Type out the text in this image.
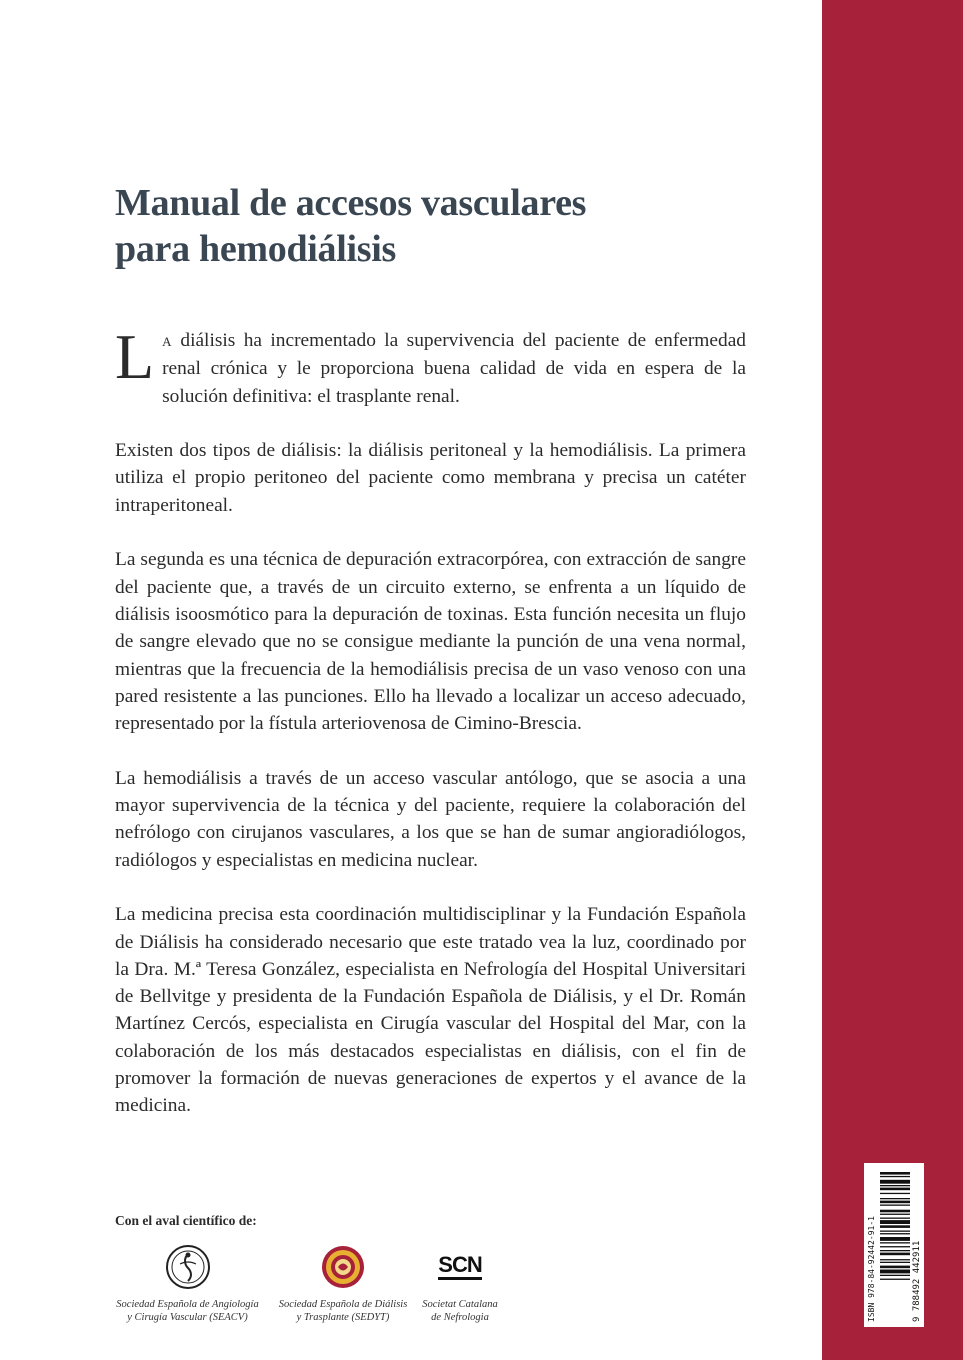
Manual de accesos vasculares
para hemodiálisis

L A diálisis ha incrementado la supervivencia del paciente de enfermedad renal crónica y le proporciona buena calidad de vida en espera de la solución definitiva: el trasplante renal.

Existen dos tipos de diálisis: la diálisis peritoneal y la hemodiálisis. La primera utiliza el propio peritoneo del paciente como membrana y precisa un catéter intraperitoneal.

La segunda es una técnica de depuración extracorpórea, con extracción de sangre del paciente que, a través de un circuito externo, se enfrenta a un líquido de diálisis isoosmótico para la depuración de toxinas. Esta función necesita un flujo de sangre elevado que no se consigue mediante la punción de una vena normal, mientras que la frecuencia de la hemodiálisis precisa de un vaso venoso con una pared resistente a las punciones. Ello ha llevado a localizar un acceso adecuado, representado por la fístula arteriovenosa de Cimino-Brescia.

La hemodiálisis a través de un acceso vascular antólogo, que se asocia a una mayor supervivencia de la técnica y del paciente, requiere la colaboración del nefrólogo con cirujanos vasculares, a los que se han de sumar angioradiólogos, radiólogos y especialistas en medicina nuclear.

La medicina precisa esta coordinación multidisciplinar y la Fundación Española de Diálisis ha considerado necesario que este tratado vea la luz, coordinado por la Dra. M.ª Teresa González, especialista en Nefrología del Hospital Universitari de Bellvitge y presidenta de la Fundación Española de Diálisis, y el Dr. Román Martínez Cercós, especialista en Cirugía vascular del Hospital del Mar, con la colaboración de los más destacados especialistas en diálisis, con el fin de promover la formación de nuevas generaciones de expertos y el avance de la medicina.

Con el aval científico de:
Sociedad Española de Angiología
y Cirugía Vascular (SEACV)
Sociedad Española de Diálisis
y Trasplante (SEDYT)
SCN
Societat Catalana
de Nefrologia	ISBN 978-84-92442-91-1	9 788492 442911
